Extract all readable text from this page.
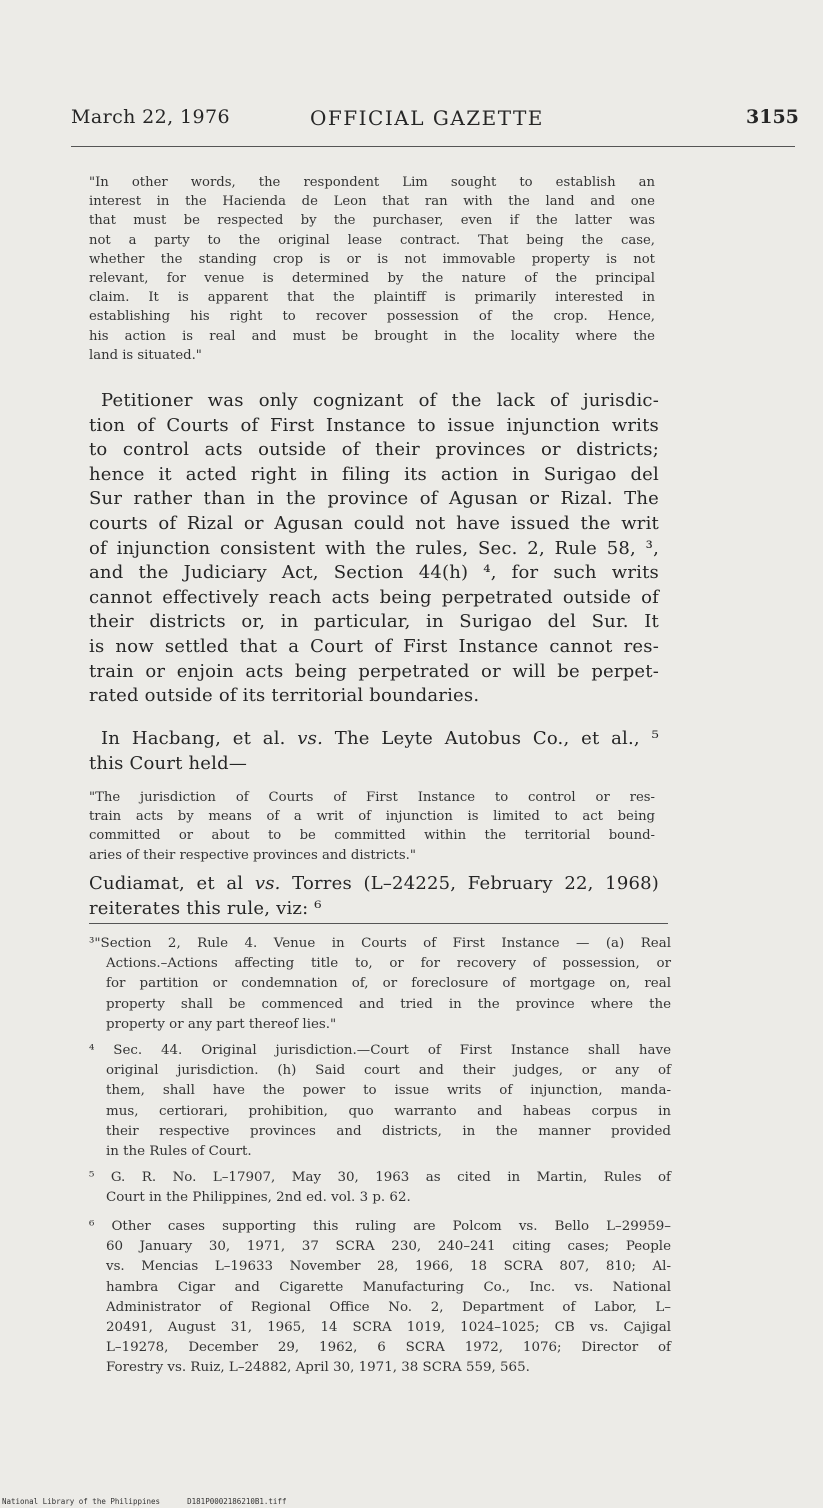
March 22, 1976	OFFICIAL GAZETTE	3155
"In other words, the respondent Lim sought to establish an
interest in the Hacienda de Leon that ran with the land and one
that must be respected by the purchaser, even if the latter was
not a party to the original lease contract. That being the case,
whether the standing crop is or is not immovable property is not
relevant, for venue is determined by the nature of the principal
claim. It is apparent that the plaintiff is primarily interested in
establishing his right to recover possession of the crop. Hence,
his action is real and must be brought in the locality where the
land is situated."
Petitioner was only cognizant of the lack of jurisdic-
tion of Courts of First Instance to issue injunction writs
to control acts outside of their provinces or districts;
hence it acted right in filing its action in Surigao del
Sur rather than in the province of Agusan or Rizal. The
courts of Rizal or Agusan could not have issued the writ
of injunction consistent with the rules, Sec. 2, Rule 58, ³,
and the Judiciary Act, Section 44(h) ⁴, for such writs
cannot effectively reach acts being perpetrated outside of
their districts or, in particular, in Surigao del Sur. It
is now settled that a Court of First Instance cannot res-
train or enjoin acts being perpetrated or will be perpet-
rated outside of its territorial boundaries.
In Hacbang, et al. vs. The Leyte Autobus Co., et al., ⁵
this Court held—
"The jurisdiction of Courts of First Instance to control or res-
train acts by means of a writ of injunction is limited to act being
committed or about to be committed within the territorial bound-
aries of their respective provinces and districts."
Cudiamat, et al vs. Torres (L–24225, February 22, 1968)
reiterates this rule, viz: ⁶
³"Section 2, Rule 4. Venue in Courts of First Instance — (a) Real
Actions.–Actions affecting title to, or for recovery of possession, or
for partition or condemnation of, or foreclosure of mortgage on, real
property shall be commenced and tried in the province where the
property or any part thereof lies."
⁴ Sec. 44. Original jurisdiction.—Court of First Instance shall have
original jurisdiction. (h) Said court and their judges, or any of
them, shall have the power to issue writs of injunction, manda-
mus, certiorari, prohibition, quo warranto and habeas corpus in
their respective provinces and districts, in the manner provided
in the Rules of Court.
⁵ G. R. No. L–17907, May 30, 1963 as cited in Martin, Rules of
Court in the Philippines, 2nd ed. vol. 3 p. 62.
⁶ Other cases supporting this ruling are Polcom vs. Bello L–29959–
60 January 30, 1971, 37 SCRA 230, 240–241 citing cases; People
vs. Mencias L–19633 November 28, 1966, 18 SCRA 807, 810; Al-
hambra Cigar and Cigarette Manufacturing Co., Inc. vs. National
Administrator of Regional Office No. 2, Department of Labor, L–
20491, August 31, 1965, 14 SCRA 1019, 1024–1025; CB vs. Cajigal
L–19278, December 29, 1962, 6 SCRA 1972, 1076; Director of
Forestry vs. Ruiz, L–24882, April 30, 1971, 38 SCRA 559, 565.
National Library of the Philippines	D181P0002186210B1.tiff
